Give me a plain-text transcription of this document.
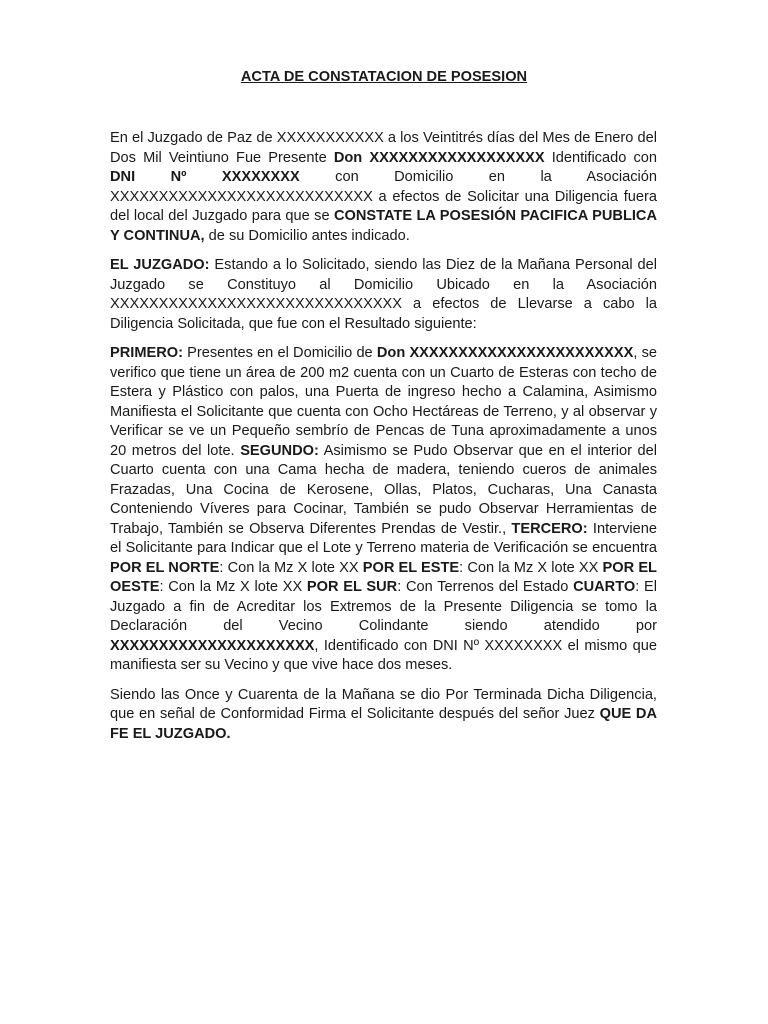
ACTA DE CONSTATACION DE POSESION

En el Juzgado de Paz de XXXXXXXXXXX a los Veintitrés días del Mes de Enero del Dos Mil Veintiuno Fue Presente Don XXXXXXXXXXXXXXXXXX Identificado con DNI Nº XXXXXXXX con Domicilio en la Asociación XXXXXXXXXXXXXXXXXXXXXXXXXXX a efectos de Solicitar una Diligencia fuera del local del Juzgado para que se CONSTATE LA POSESIÓN PACIFICA PUBLICA Y CONTINUA, de su Domicilio antes indicado.

EL JUZGADO: Estando a lo Solicitado, siendo las Diez de la Mañana Personal del Juzgado se Constituyo al Domicilio Ubicado en la Asociación XXXXXXXXXXXXXXXXXXXXXXXXXXXXXX a efectos de Llevarse a cabo la Diligencia Solicitada, que fue con el Resultado siguiente:

PRIMERO: Presentes en el Domicilio de Don XXXXXXXXXXXXXXXXXXXXXXX, se verifico que tiene un área de 200 m2 cuenta con un Cuarto de Esteras con techo de Estera y Plástico con palos, una Puerta de ingreso hecho a Calamina, Asimismo Manifiesta el Solicitante que cuenta con Ocho Hectáreas de Terreno, y al observar y Verificar se ve un Pequeño sembrío de Pencas de Tuna aproximadamente a unos 20 metros del lote. SEGUNDO: Asimismo se Pudo Observar que en el interior del Cuarto cuenta con una Cama hecha de madera, teniendo cueros de animales Frazadas, Una Cocina de Kerosene, Ollas, Platos, Cucharas, Una Canasta Conteniendo Víveres para Cocinar, También se pudo Observar Herramientas de Trabajo, También se Observa Diferentes Prendas de Vestir., TERCERO: Interviene el Solicitante para Indicar que el Lote y Terreno materia de Verificación se encuentra POR EL NORTE: Con la Mz X lote XX POR EL ESTE: Con la Mz X lote XX POR EL OESTE: Con la Mz X lote XX POR EL SUR: Con Terrenos del Estado CUARTO: El Juzgado a fin de Acreditar los Extremos de la Presente Diligencia se tomo la Declaración del Vecino Colindante siendo atendido por XXXXXXXXXXXXXXXXXXXXX, Identificado con DNI Nº XXXXXXXX el mismo que manifiesta ser su Vecino y que vive hace dos meses.

Siendo las Once y Cuarenta de la Mañana se dio Por Terminada Dicha Diligencia, que en señal de Conformidad Firma el Solicitante después del señor Juez QUE DA FE EL JUZGADO.
